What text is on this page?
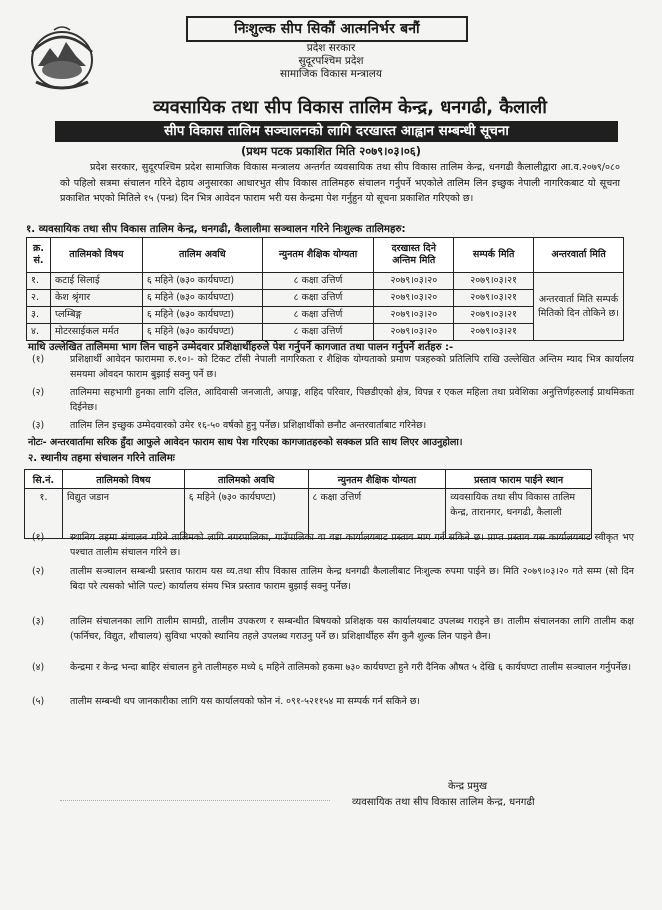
निःशुल्क सीप सिकौं आत्मनिर्भर बनौं
प्रदेश सरकार
सुदूरपश्चिम प्रदेश
सामाजिक विकास मन्त्रालय
व्यवसायिक तथा सीप विकास तालिम केन्द्र, धनगढी, कैलाली
सीप विकास तालिम सञ्चालनको लागि दरखास्त आह्वान सम्बन्धी सूचना
(प्रथम पटक प्रकाशित मिति २०७९।०३।०६)
प्रदेश सरकार, सुदूरपश्चिम प्रदेश सामाजिक विकास मन्त्रालय अन्तर्गत व्यवसायिक तथा सीप विकास तालिम केन्द्र, धनगढी कैलालीद्वारा आ.व.२०७९/०८० को पहिलो सत्रमा संचालन गरिने देहाय अनुसारका आधारभुत सीप विकास तालिमहरु संचालन गर्नुपर्ने भएकोले तालिम लिन इच्छुक नेपाली नागरिकबाट यो सूचना प्रकाशित भएको मितिले १५ (पन्ध्र) दिन भित्र आवेदन फाराम भरी यस केन्द्रमा पेश गर्नुहुन यो सूचना प्रकाशित गरिएको छ।
१. व्यवसायिक तथा सीप विकास तालिम केन्द्र, धनगढी, कैलालीमा सञ्चालन गरिने निःशुल्क तालिमहरु:
क्र. सं.	तालिमको विषय	तालिम अवधि	न्युनतम शैक्षिक योग्यता	दरखास्त दिने अन्तिम मिति	सम्पर्क मिति	अन्तरवार्ता मिति
१.	कटाई सिलाई	६ महिने (७३० कार्यघण्टा)	८ कक्षा उत्तिर्ण	२०७९।०३।२०	२०७९।०३।२१	अन्तरवार्ता मिति सम्पर्क मितिको दिन तोकिने छ।
२.	केश श्रृंगार	६ महिने (७३० कार्यघण्टा)	८ कक्षा उत्तिर्ण	२०७९।०३।२०	२०७९।०३।२१	
३.	प्लम्बिङ्ग	६ महिने (७३० कार्यघण्टा)	८ कक्षा उत्तिर्ण	२०७९।०३।२०	२०७९।०३।२१	
४.	मोटरसाईकल मर्मत	६ महिने (७३० कार्यघण्टा)	८ कक्षा उत्तिर्ण	२०७९।०३।२०	२०७९।०३।२१	
माथि उल्लेखित तालिममा भाग लिन चाहने उम्मेदवार प्रशिक्षार्थीहरुले पेश गर्नुपर्ने कागजात तथा पालन गर्नुपर्ने शर्तहरु :-
(१)	प्रशिक्षार्थी आवेदन फाराममा रु.१०।- को टिकट टाँसी नेपाली नागरिकता र शैक्षिक योग्यताको प्रमाण पत्रहरुको प्रतिलिपि राखि उल्लेखित अन्तिम म्याद भित्र कार्यालय समयमा ओवदन फाराम बुझाई सक्नु पर्ने छ।
(२)	तालिममा सहभागी हुनका लागि दलित, आदिवासी जनजाती, अपाङ्ग, शहिद परिवार, पिछडीएको क्षेत्र, विपन्न र एकल महिला तथा प्रवेशिका अनुत्तिर्णहरुलाई प्राथमिकता दिईनेछ।
(३)	तालिम लिन इच्छुक उम्मेदवारको उमेर १६-५० वर्षको हुनु पर्नेछ। प्रशिक्षार्थीको छनौट अन्तरवार्ताबाट गरिनेछ।
नोटः- अन्तरवार्तामा सरिक हुँदा आफुले आवेदन फाराम साथ पेश गरिएका कागजातहरुको सक्कल प्रति साथ लिएर आउनुहोला।
२. स्थानीय तहमा संचालन गरिने तालिमः
सि.नं.	तालिमको विषय	तालिमको अवधि	न्युनतम शैक्षिक योग्यता	प्रस्ताव फाराम पाईने स्थान
१.	विद्युत जडान	६ महिने (७३० कार्यघण्टा)	८ कक्षा उत्तिर्ण	व्यवसायिक तथा सीप विकास तालिम केन्द्र, तारानगर, धनगढी, कैलाली
(१)	स्थानिय तहमा संचालन गरिने तालिमको लागि नगरपालिका, गाउँपालिका वा वडा कार्यालयबाट प्रस्ताव माग गर्न सकिने छ। प्राप्त प्रस्ताव यस कार्यालयबाट स्वीकृत भए पश्चात तालीम संचालन गरिने छ।
(२)	तालीम सञ्चालन सम्बन्धी प्रस्ताव फाराम यस व्य.तथा सीप विकास तालिम केन्द्र धनगढी कैलालीबाट निःशुल्क रुपमा पाईने छ। मिति २०७९।०३।२० गते सम्म (सो दिन बिदा परे त्यसको भोलि पल्ट) कार्यालय संमय भित्र प्रस्ताव फाराम बुझाई सक्नु पर्नेछ।
(३)	तालिम संचालनका लागि तालीम सामग्री, तालीम उपकरण र सम्बन्धीत बिषयको प्रशिक्षक यस कार्यालयबाट उपलब्ध गराइने छ। तालीम संचालनका लागि तालीम कक्ष (फर्निचर, विद्युत, शौचालय) सुविधा भएको स्थानिय तहले उपलब्ध गराउनु पर्ने छ। प्रशिक्षार्थीहरु सँग कुनै शुल्क लिन पाइने छैन।
(४)	केन्द्रमा र केन्द्र भन्दा बाहिर संचालन हुने तालीमहरु मध्ये ६ महिने तालिमको हकमा ७३० कार्यघण्टा हुने गरी दैनिक औषत ५ देखि ६ कार्यघण्टा तालीम सञ्चालन गर्नुपर्नेछ।
(५)	तालीम सम्बन्धी थप जानकारीका लागि यस कार्यालयको फोन नं. ०९१-५२११५४ मा सम्पर्क गर्न सकिने छ।
केन्द्र प्रमुख
व्यवसायिक तथा सीप विकास तालिम केन्द्र, धनगढी
